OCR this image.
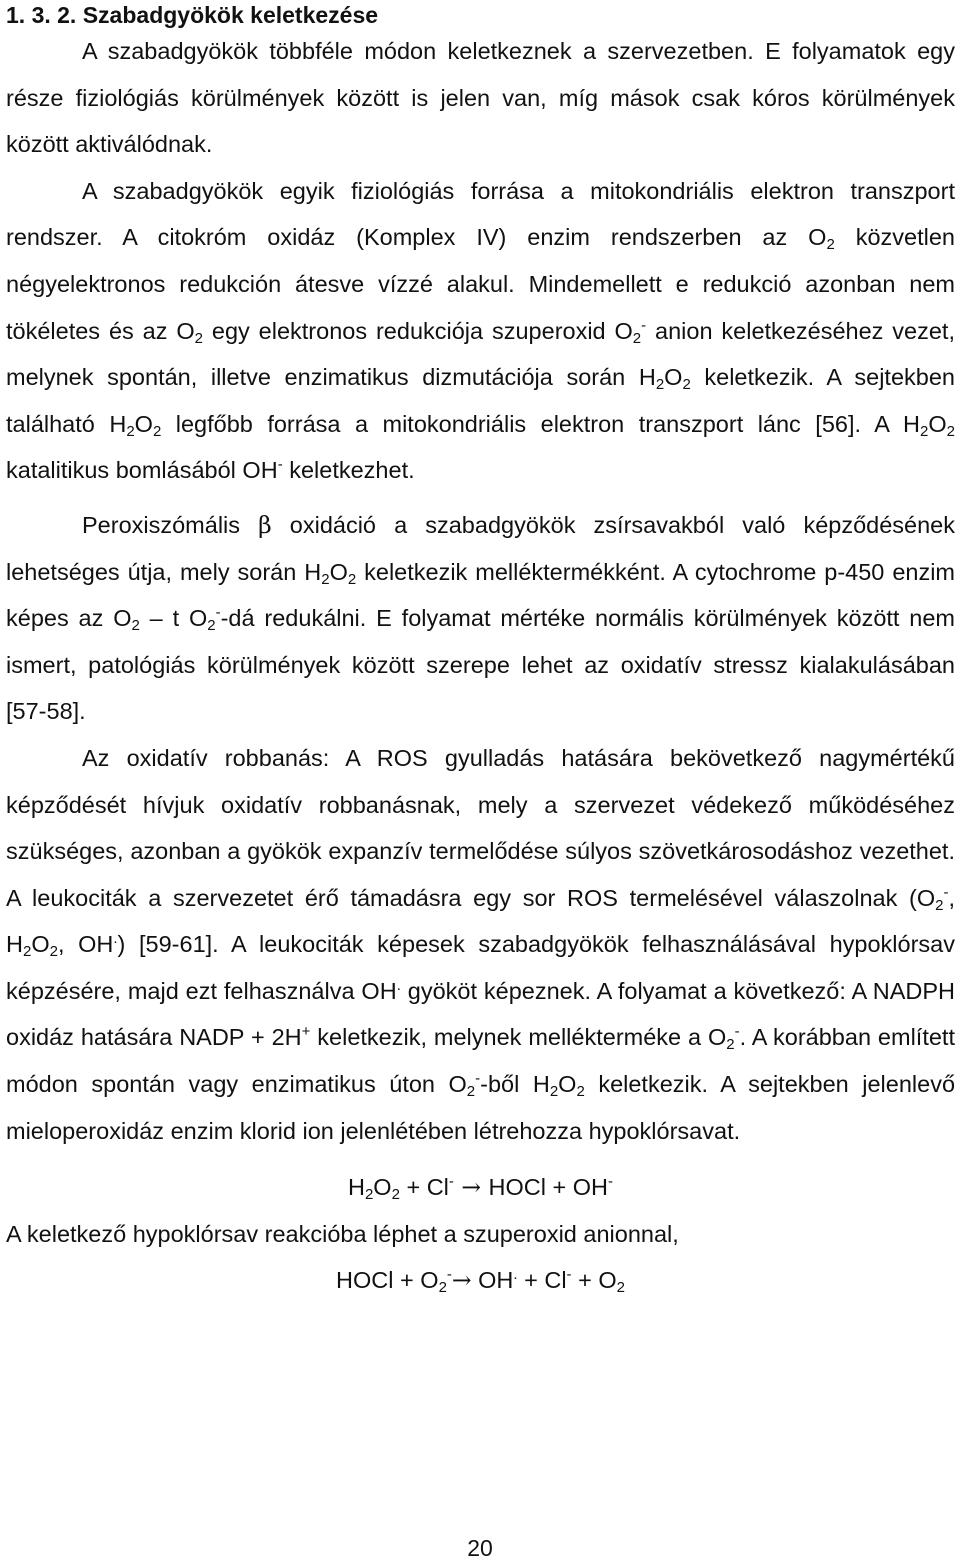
1. 3. 2. Szabadgyökök keletkezése

A szabadgyökök többféle módon keletkeznek a szervezetben. E folyamatok egy része fiziológiás körülmények között is jelen van, míg mások csak kóros körülmények között aktiválódnak.

A szabadgyökök egyik fiziológiás forrása a mitokondriális elektron transzport rendszer. A citokróm oxidáz (Komplex IV) enzim rendszerben az $O_2$ közvetlen négyelektronos redukción átesve vízzé alakul. Mindemellett e redukció azonban nem tökéletes és az $O_2$ egy elektronos redukciója szuperoxid $O_2^-$ anion keletkezéséhez vezet, melynek spontán, illetve enzimatikus dizmutációja során $H_2O_2$ keletkezik. A sejtekben található $H_2O_2$ legfőbb forrása a mitokondriális elektron transzport lánc [56]. A $H_2O_2$ katalitikus bomlásából OH- keletkezhet.

Peroxiszómális β oxidáció a szabadgyökök zsírsavakból való képződésének lehetséges útja, mely során $H_2O_2$ keletkezik melléktermékként. A cytochrome p-450 enzim képes az $O_2$ – t $O_2^--dá$ redukálni. E folyamat mértéke normális körülmények között nem ismert, patológiás körülmények között szerepe lehet az oxidatív stressz kialakulásában [57-58].

Az oxidatív robbanás: A ROS gyulladás hatására bekövetkező nagymértékű képződését hívjuk oxidatív robbanásnak, mely a szervezet védekező működéséhez szükséges, azonban a gyökök expanzív termelődése súlyos szövetkárosodáshoz vezethet. A leukociták a szervezetet érő támadásra egy sor ROS termelésével válaszolnak ($O_2^-$, $H_2O_2$, OH.) [59-61]. A leukociták képesek szabadgyökök felhasználásával hypoklórsav képzésére, majd ezt felhasználva OH. gyököt képeznek. A folyamat a következő: A NADPH oxidáz hatására NADP + 2H+ keletkezik, melynek mellékterméke a $O_2^-$. A korábban említett módon spontán vagy enzimatikus úton $O_2^-$-ből $H_2O_2$ keletkezik. A sejtekben jelenlevő mieloperoxidáz enzim klorid ion jelenlétében létrehozza hypoklórsavat.

$H_2O_2 + Cl^-$ → HOCl + OH-

A keletkező hypoklórsav reakcióba léphet a szuperoxid anionnal,

HOCl + $O_2^-\to OH^. + Cl^- + O_2$

20
